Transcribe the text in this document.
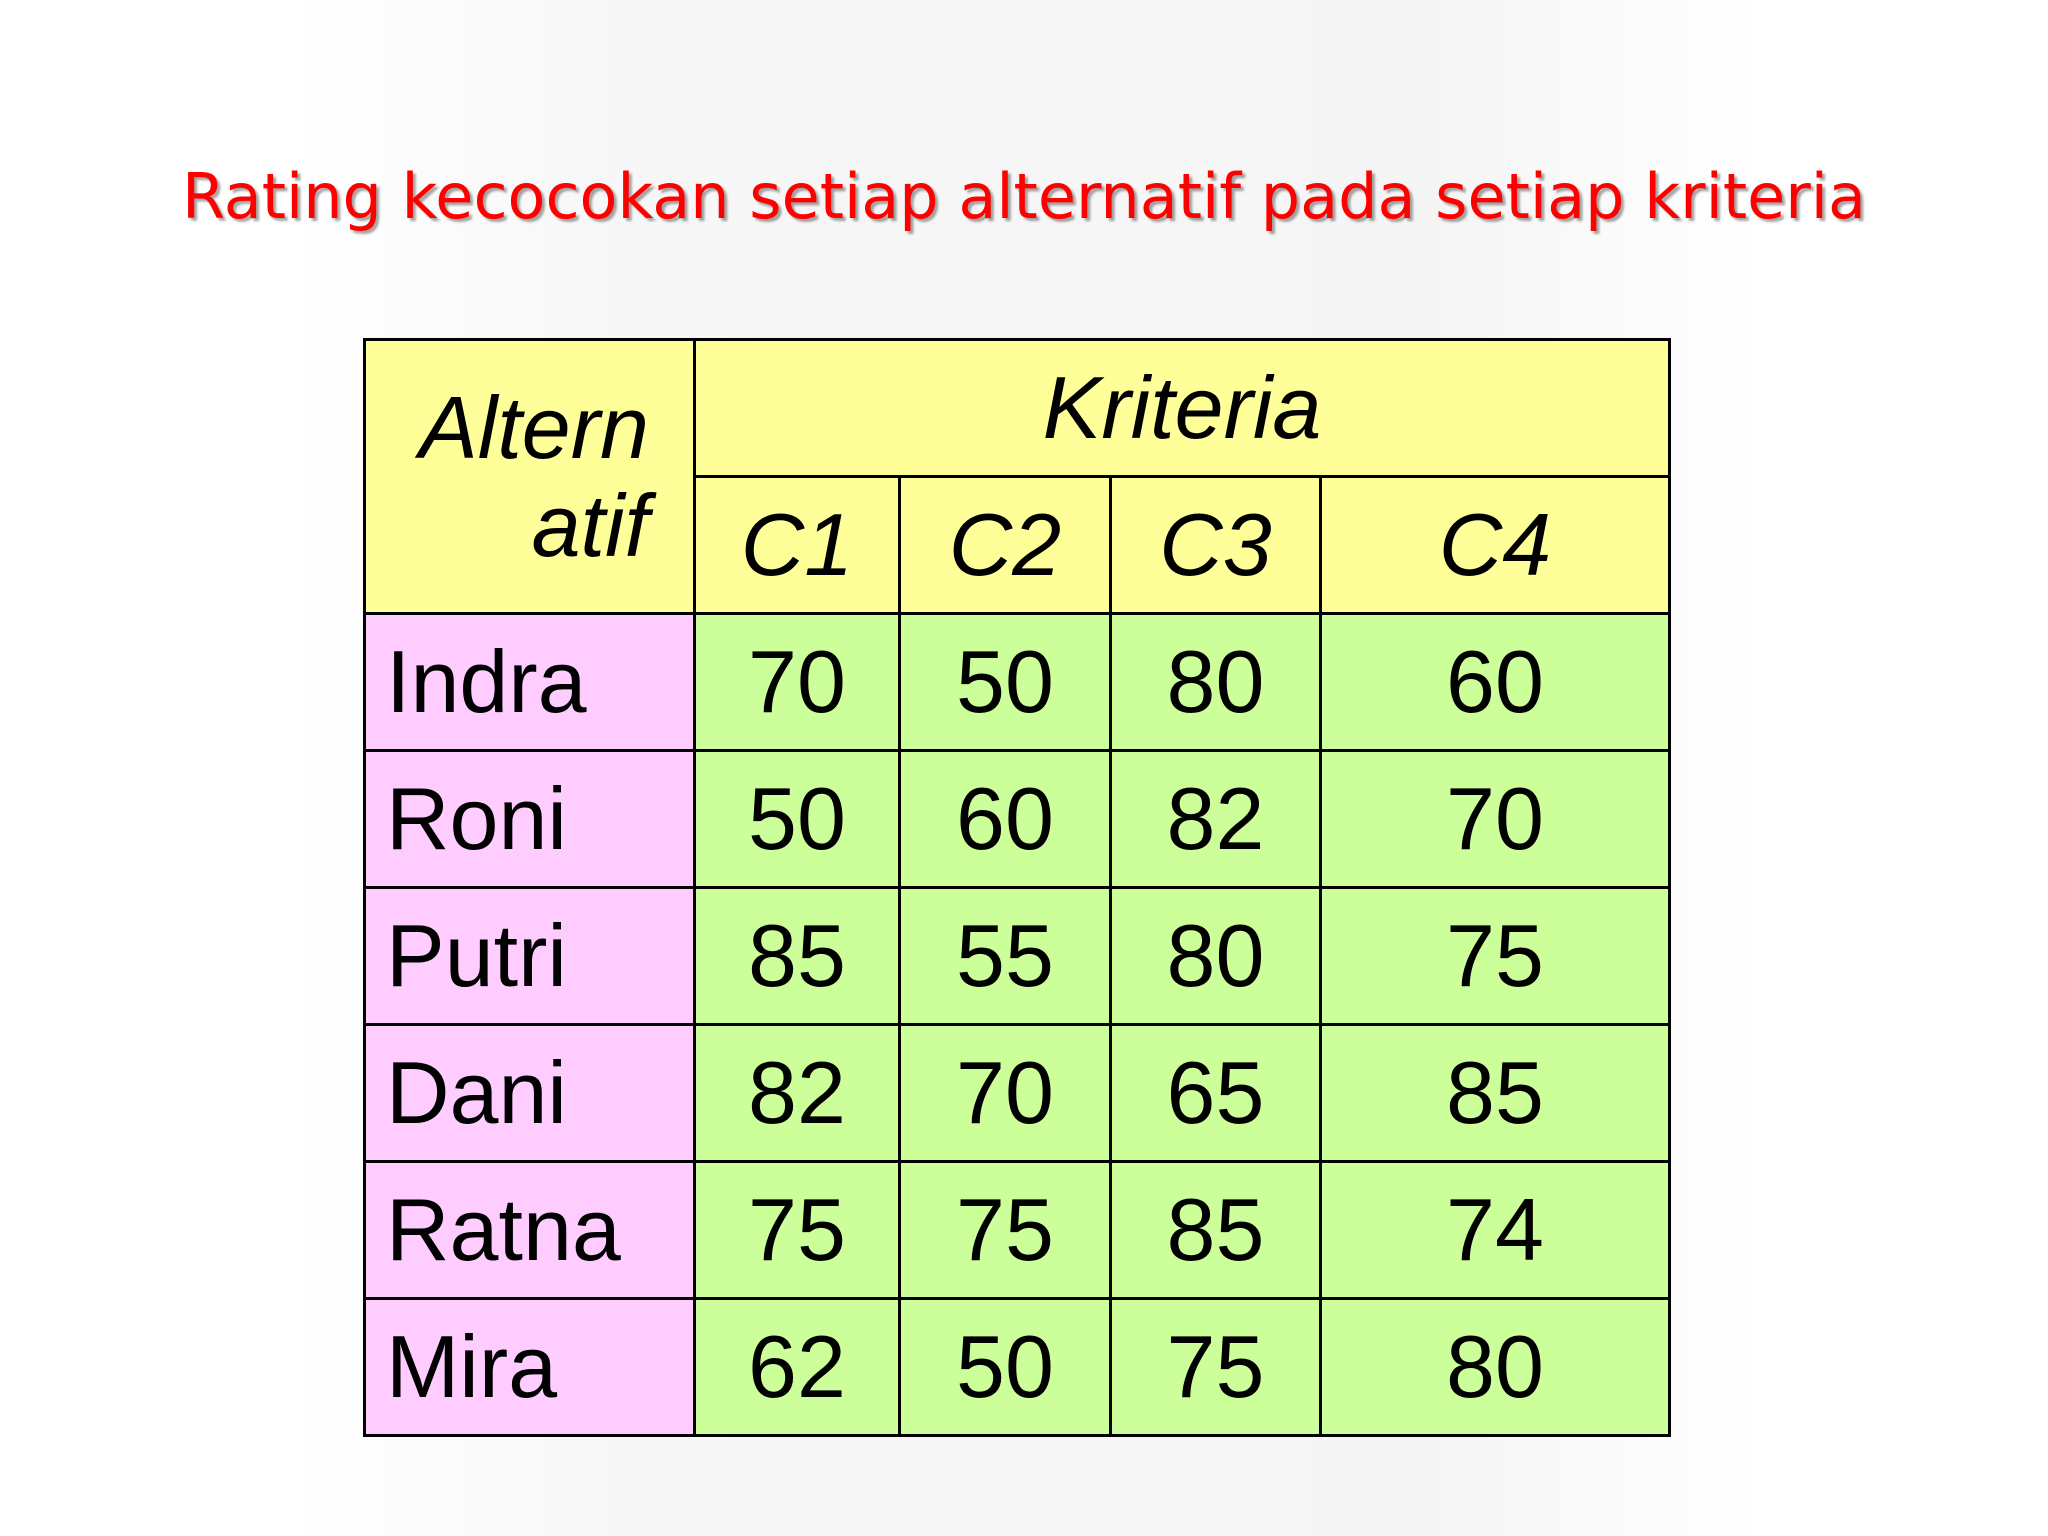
Rating kecocokan setiap alternatif pada setiap kriteria
Altern
atif	Kriteria			
	C1	C2	C3	C4
Indra	70	50	80	60
Roni	50	60	82	70
Putri	85	55	80	75
Dani	82	70	65	85
Ratna	75	75	85	74
Mira	62	50	75	80
